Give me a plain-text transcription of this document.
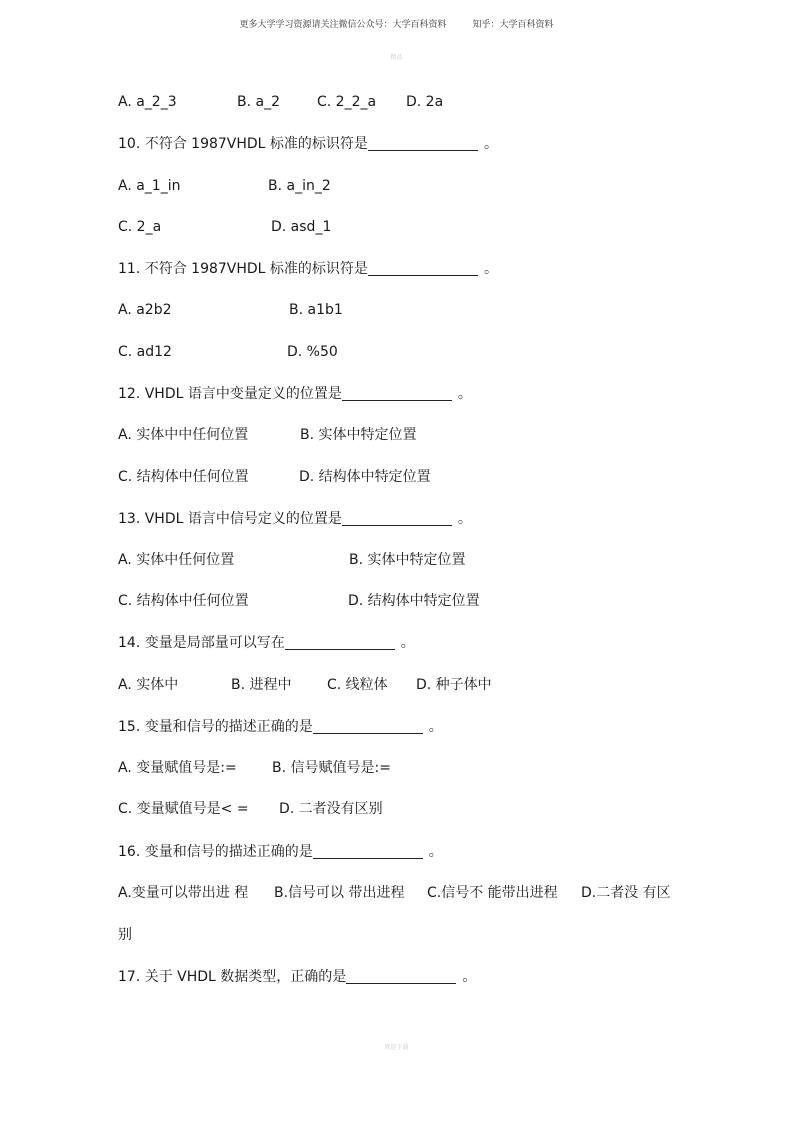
更多大学学习资源请关注微信公众号：大学百科资料	知乎：大学百科资料
精品
A. a_2_3	B. a_2	C. 2_2_a D. 2a
10. 不符合 1987VHDL 标准的标识符是	。
A. a_1_in	B. a_in_2
C. 2_a	D. asd_1
11. 不符合 1987VHDL 标准的标识符是	。
A. a2b2	B. a1b1
C. ad12	D. %50
12. VHDL 语言中变量定义的位置是	。
A. 实体中中任何位置	B. 实体中特定位置
C. 结构体中任何位置	D. 结构体中特定位置
13. VHDL 语言中信号定义的位置是	。
A. 实体中任何位置	B. 实体中特定位置
C. 结构体中任何位置	D. 结构体中特定位置
14. 变量是局部量可以写在	。
A. 实体中	B. 进程中	C. 线粒体 D. 种子体中
15. 变量和信号的描述正确的是	。
A. 变量赋值号是:=	B. 信号赋值号是:=
C. 变量赋值号是< = D. 二者没有区别
16. 变量和信号的描述正确的是	。
A.变量可以带出进 程 B.信号可以 带出进程 C.信号不 能带出进程 D.二者没 有区
别
17. 关于 VHDL 数据类型，正确的是	。
欢迎下载
